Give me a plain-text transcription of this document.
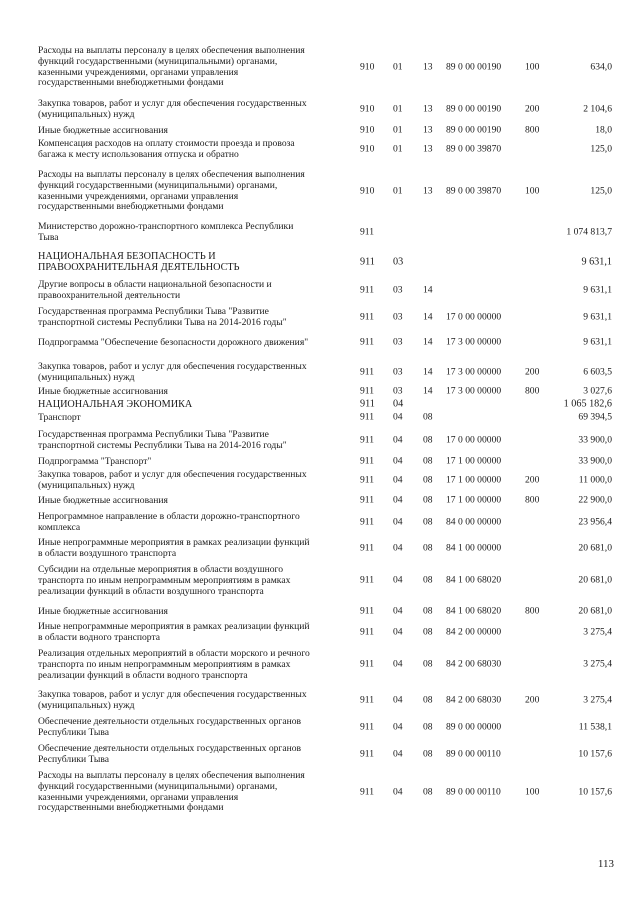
Расходы на выплаты персоналу в целях обеспечения выполнения
функций государственными (муниципальными) органами,
казенными учреждениями, органами управления
государственными внебюджетными фондами
910 01 13 89 0 00 00190 100	634,0
Закупка товаров, работ и услуг для обеспечения государственных
(муниципальных) нужд	910 01 13 89 0 00 00190 200	2 104,6
Иные бюджетные ассигнования	910 01 13 89 0 00 00190 800	18,0
Компенсация расходов на оплату стоимости проезда и провоза
багажа к месту использования отпуска и обратно	910 01 13 89 0 00 39870	125,0
Расходы на выплаты персоналу в целях обеспечения выполнения
функций государственными (муниципальными) органами,
казенными учреждениями, органами управления
государственными внебюджетными фондами
910 01 13 89 0 00 39870 100	125,0
Министерство дорожно-транспортного комплекса Республики
Тыва	911	1 074 813,7
НАЦИОНАЛЬНАЯ БЕЗОПАСНОСТЬ И
ПРАВООХРАНИТЕЛЬНАЯ ДЕЯТЕЛЬНОСТЬ	911 03	9 631,1
Другие вопросы в области национальной безопасности и
правоохранительной деятельности	911 03 14	9 631,1
Государственная программа Республики Тыва "Развитие
транспортной системы Республики Тыва на 2014-2016 годы"	911 03 14 17 0 00 00000	9 631,1
Подпрограмма "Обеспечение безопасности дорожного движения"	911 03 14 17 3 00 00000	9 631,1
Закупка товаров, работ и услуг для обеспечения государственных
(муниципальных) нужд	911 03 14 17 3 00 00000 200	6 603,5
Иные бюджетные ассигнования	911 03 14 17 3 00 00000 800	3 027,6
НАЦИОНАЛЬНАЯ ЭКОНОМИКА	911 04	1 065 182,6
Транспорт	911 04 08	69 394,5
Государственная программа Республики Тыва "Развитие
транспортной системы Республики Тыва на 2014-2016 годы"	911 04 08 17 0 00 00000	33 900,0
Подпрограмма "Транспорт"	911 04 08 17 1 00 00000	33 900,0
Закупка товаров, работ и услуг для обеспечения государственных
(муниципальных) нужд	911 04 08 17 1 00 00000 200	11 000,0
Иные бюджетные ассигнования	911 04 08 17 1 00 00000 800	22 900,0
Непрограммное направление в области дорожно-транспортного
комплекса	911 04 08 84 0 00 00000	23 956,4
Иные непрограммные мероприятия в рамках реализации функций
в области воздушного транспорта	911 04 08 84 1 00 00000	20 681,0
Субсидии на отдельные мероприятия в области воздушного
транспорта по иным непрограммным мероприятиям в рамках
реализации функций в области воздушного транспорта
911 04 08 84 1 00 68020	20 681,0
Иные бюджетные ассигнования	911 04 08 84 1 00 68020 800	20 681,0
Иные непрограммные мероприятия в рамках реализации функций
в области водного транспорта	911 04 08 84 2 00 00000	3 275,4
Реализация отдельных мероприятий в области морского и речного
транспорта по иным непрограммным мероприятиям в рамках
реализации функций в области водного транспорта
911 04 08 84 2 00 68030	3 275,4
Закупка товаров, работ и услуг для обеспечения государственных
(муниципальных) нужд	911 04 08 84 2 00 68030 200	3 275,4
Обеспечение деятельности отдельных государственных органов
Республики Тыва	911 04 08 89 0 00 00000	11 538,1
Обеспечение деятельности отдельных государственных органов
Республики Тыва	911 04 08 89 0 00 00110	10 157,6
Расходы на выплаты персоналу в целях обеспечения выполнения
функций государственными (муниципальными) органами,
казенными учреждениями, органами управления
государственными внебюджетными фондами
911 04 08 89 0 00 00110	100	10 157,6
113
